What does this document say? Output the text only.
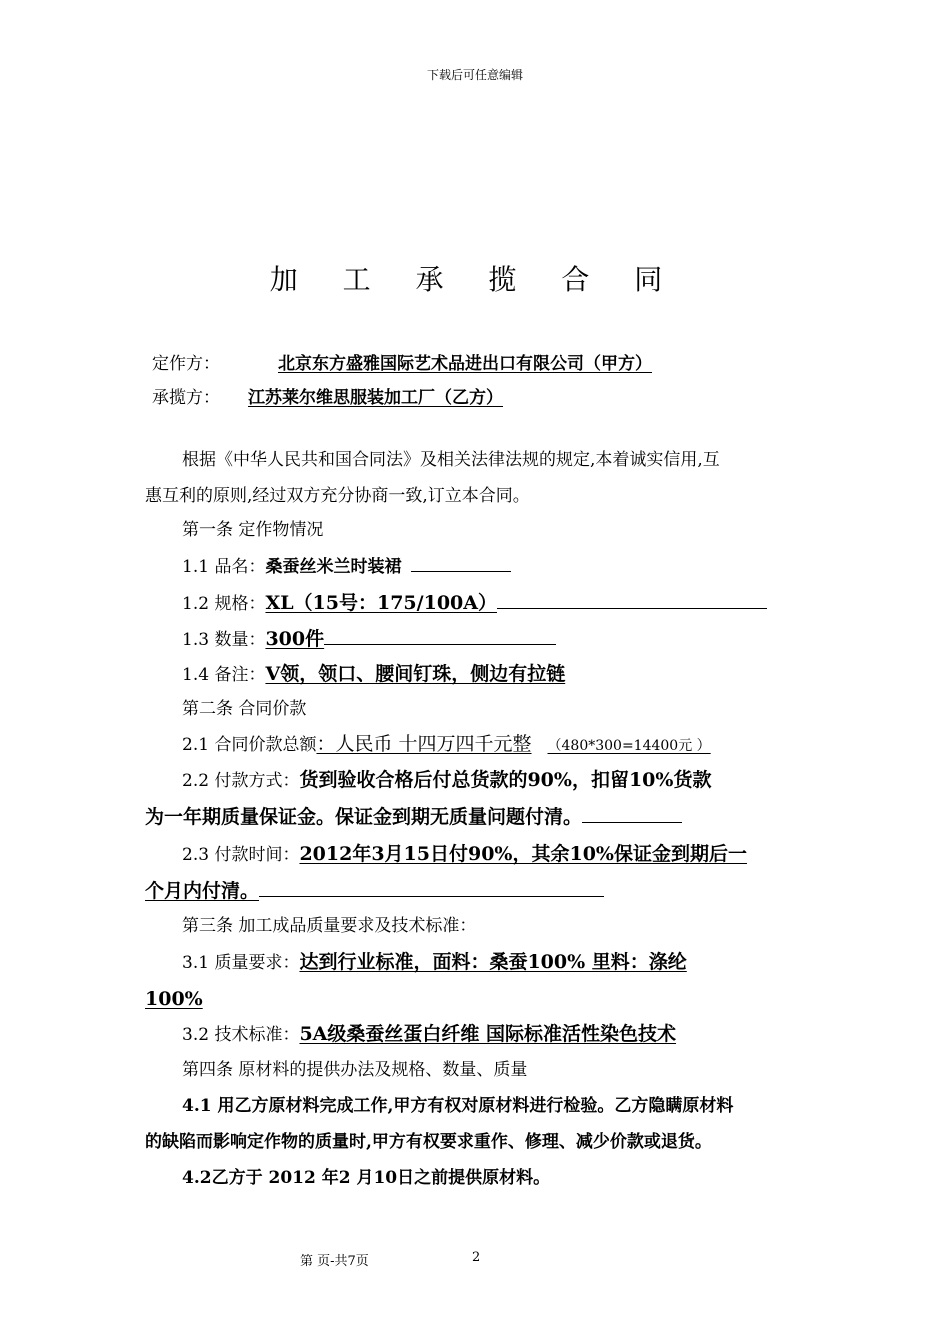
下载后可任意编辑
加 工 承 揽 合 同
定作方：	北京东方盛雅国际艺术品进出口有限公司（甲方）
承揽方： 江苏莱尔维思服装加工厂（乙方）
根据《中华人民共和国合同法》及相关法律法规的规定,本着诚实信用,互
惠互利的原则,经过双方充分协商一致,订立本合同。
第一条 定作物情况
1.1 品名：桑蚕丝米兰时装裙
1.2 规格：XL（15号：175/100A）
1.3 数量：300件
1.4 备注：V领，领口、腰间钉珠，侧边有拉链
第二条 合同价款
2.1 合同价款总额：人民币 十四万四千元整 （480*300=14400元 ）
2.2 付款方式：货到验收合格后付总货款的90%，扣留10%货款
为一年期质量保证金。保证金到期无质量问题付清。
2.3 付款时间：2012年3月15日付90%，其余10%保证金到期后一
个月内付清。
第三条 加工成品质量要求及技术标准：
3.1 质量要求：达到行业标准，面料：桑蚕100% 里料：涤纶
100%
3.2 技术标准：5A级桑蚕丝蛋白纤维 国际标准活性染色技术
第四条 原材料的提供办法及规格、数量、质量
4.1 用乙方原材料完成工作,甲方有权对原材料进行检验。乙方隐瞒原材料
的缺陷而影响定作物的质量时,甲方有权要求重作、修理、减少价款或退货。
4.2乙方于 2012 年2 月10日之前提供原材料。
第 页-共7页	2
